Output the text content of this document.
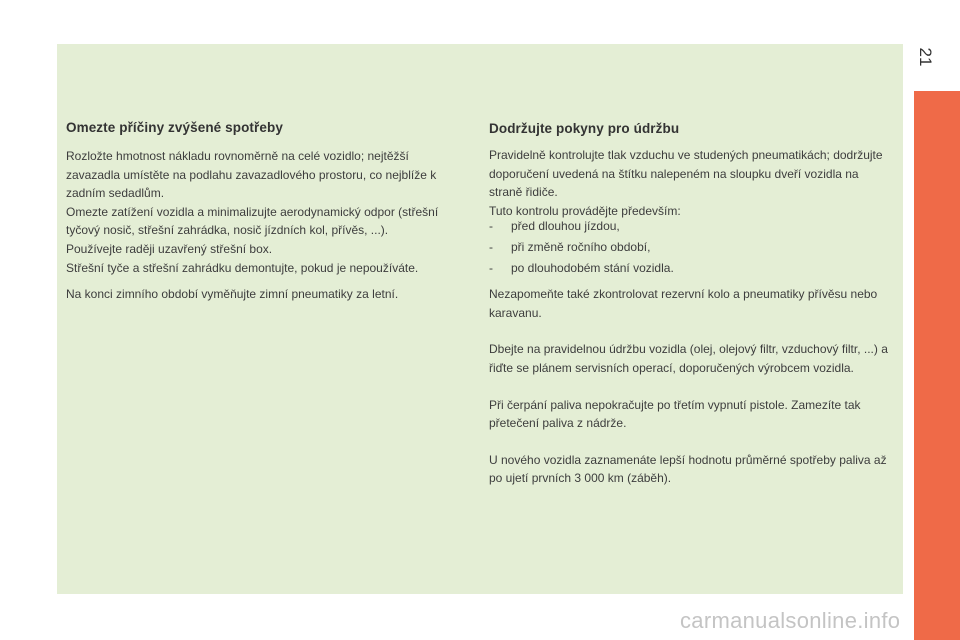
21
Omezte příčiny zvýšené spotřeby

Rozložte hmotnost nákladu rovnoměrně na celé vozidlo; nejtěžší zavazadla umístěte na podlahu zavazadlového prostoru, co nejblíže k zadním sedadlům.

Omezte zatížení vozidla a minimalizujte aerodynamický odpor (střešní tyčový nosič, střešní zahrádka, nosič jízdních kol, přívěs, ...).

Používejte raději uzavřený střešní box.

Střešní tyče a střešní zahrádku demontujte, pokud je nepoužíváte.

Na konci zimního období vyměňujte zimní pneumatiky za letní.

Dodržujte pokyny pro údržbu

Pravidelně kontrolujte tlak vzduchu ve studených pneumatikách; dodržujte doporučení uvedená na štítku nalepeném na sloupku dveří vozidla na straně řidiče.

Tuto kontrolu provádějte především:

-	před dlouhou jízdou,
-	při změně ročního období,
-	po dlouhodobém stání vozidla.

Nezapomeňte také zkontrolovat rezervní kolo a pneumatiky přívěsu nebo karavanu.

Dbejte na pravidelnou údržbu vozidla (olej, olejový filtr, vzduchový filtr, ...) a řiďte se plánem servisních operací, doporučených výrobcem vozidla.

Při čerpání paliva nepokračujte po třetím vypnutí pistole. Zamezíte tak přetečení paliva z nádrže.

U nového vozidla zaznamenáte lepší hodnotu průměrné spotřeby paliva až po ujetí prvních 3 000 km (záběh).

carmanualsonline.info
